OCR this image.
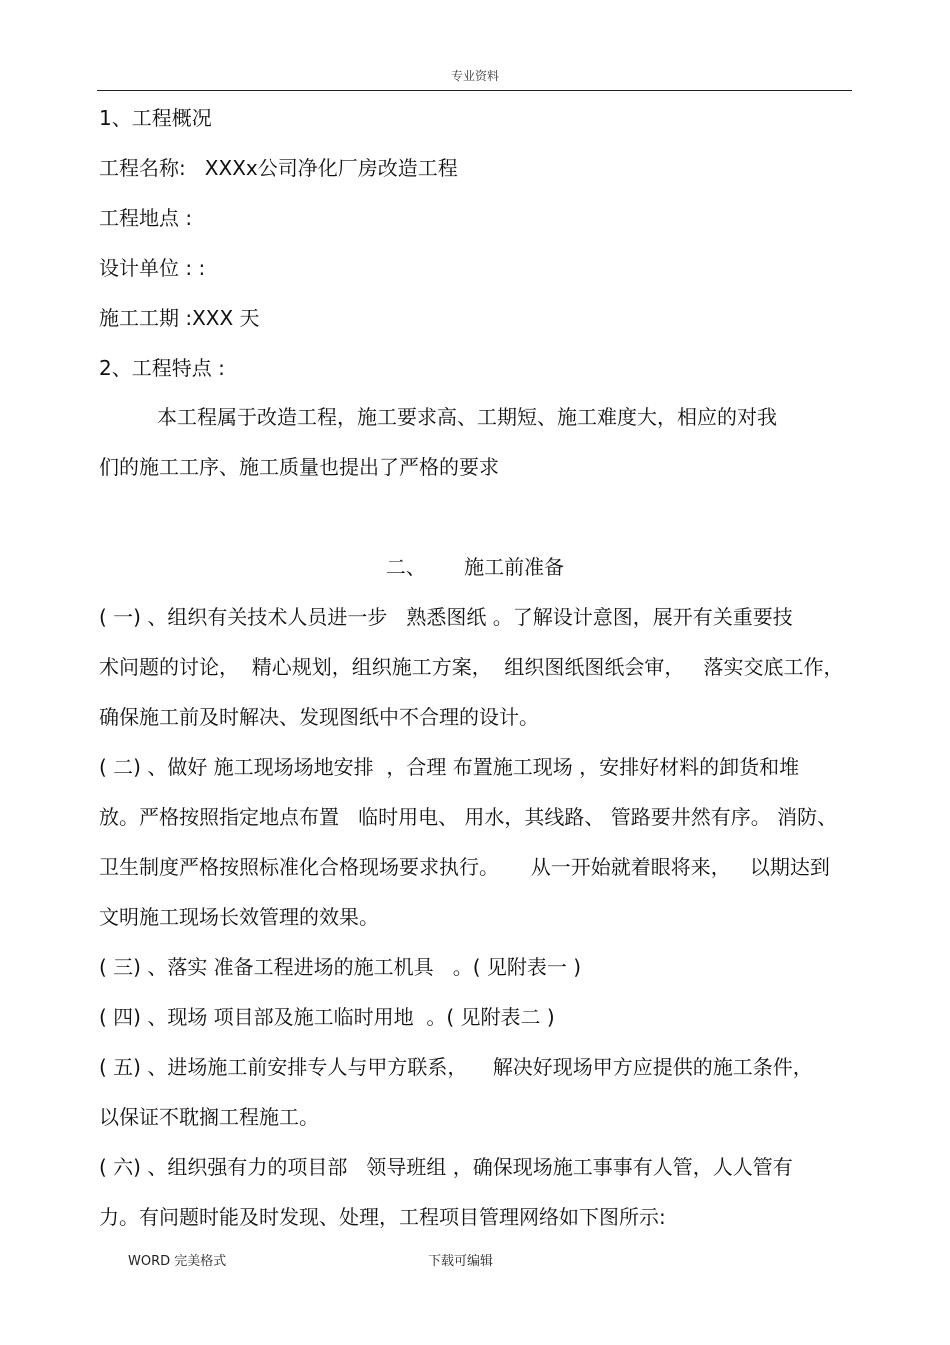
专业资料
1、工程概况
工程名称:   XXXx公司净化厂房改造工程
工程地点 :
设计单位 : :
施工工期 :XXX 天
2、工程特点 :
本工程属于改造工程，施工要求高、工期短、施工难度大，相应的对我
们的施工工序、施工质量也提出了严格的要求
二、      施工前准备
( 一) 、组织有关技术人员进一步   熟悉图纸 。了解设计意图，展开有关重要技
术问题的讨论，  精心规划，组织施工方案，  组织图纸图纸会审，   落实交底工作，
确保施工前及时解决、发现图纸中不合理的设计。
( 二) 、做好 施工现场场地安排  ，合理 布置施工现场 ，安排好材料的卸货和堆
放。严格按照指定地点布置   临时用电、 用水，其线路、 管路要井然有序。 消防、
卫生制度严格按照标准化合格现场要求执行。     从一开始就着眼将来，   以期达到
文明施工现场长效管理的效果。
( 三) 、落实 准备工程进场的施工机具   。( 见附表一 )
( 四) 、现场 项目部及施工临时用地  。( 见附表二 )
( 五) 、进场施工前安排专人与甲方联系，    解决好现场甲方应提供的施工条件，
以保证不耽搁工程施工。
( 六) 、组织强有力的项目部   领导班组 ，确保现场施工事事有人管，人人管有
力。有问题时能及时发现、处理，工程项目管理网络如下图所示:
WORD 完美格式	下载可编辑
